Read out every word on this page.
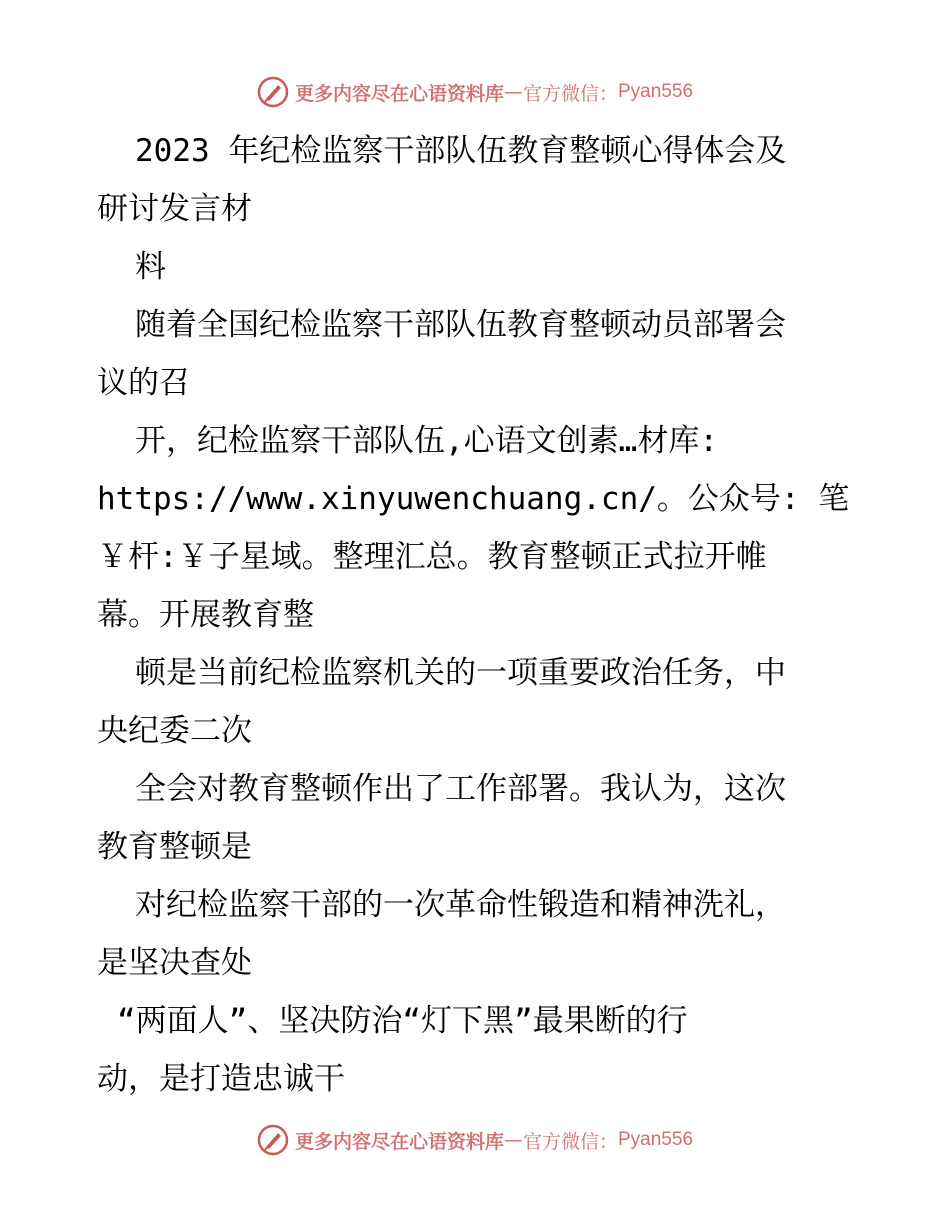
更多内容尽在心语资料库 — 官方微信： Pyan556
2023 年纪检监察干部队伍教育整顿心得体会及
研讨发言材
料
随着全国纪检监察干部队伍教育整顿动员部署会
议的召
开，纪检监察干部队伍,心语文创素…材库:
https://www.xinyuwenchuang.cn/。公众号: 笔
￥杆:￥子星域。整理汇总。教育整顿正式拉开帷
幕。开展教育整
顿是当前纪检监察机关的一项重要政治任务，中
央纪委二次
全会对教育整顿作出了工作部署。我认为，这次
教育整顿是
对纪检监察干部的一次革命性锻造和精神洗礼，
是坚决查处
“两面人”、坚决防治“灯下黑”最果断的行
动，是打造忠诚干
更多内容尽在心语资料库 — 官方微信： Pyan556
